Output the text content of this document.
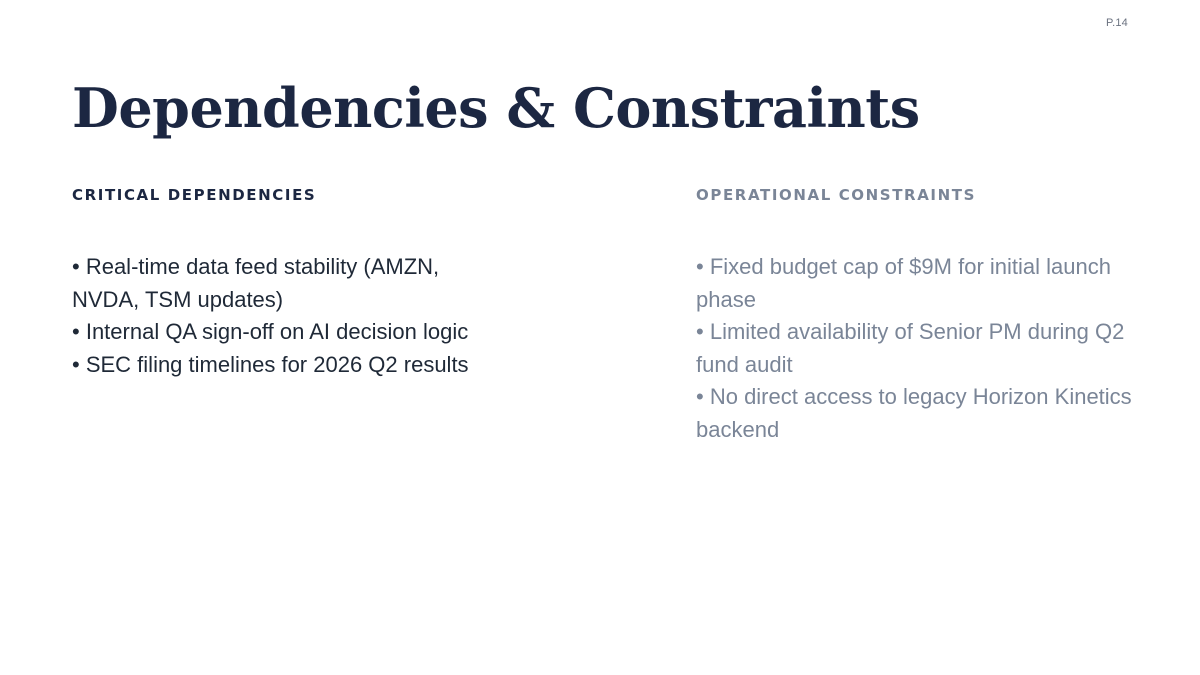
P.14
Dependencies & Constraints
CRITICAL DEPENDENCIES
• Real-time data feed stability (AMZN, NVDA, TSM updates)
• Internal QA sign-off on AI decision logic
• SEC filing timelines for 2026 Q2 results
OPERATIONAL CONSTRAINTS
• Fixed budget cap of $9M for initial launch phase
• Limited availability of Senior PM during Q2 fund audit
• No direct access to legacy Horizon Kinetics backend
